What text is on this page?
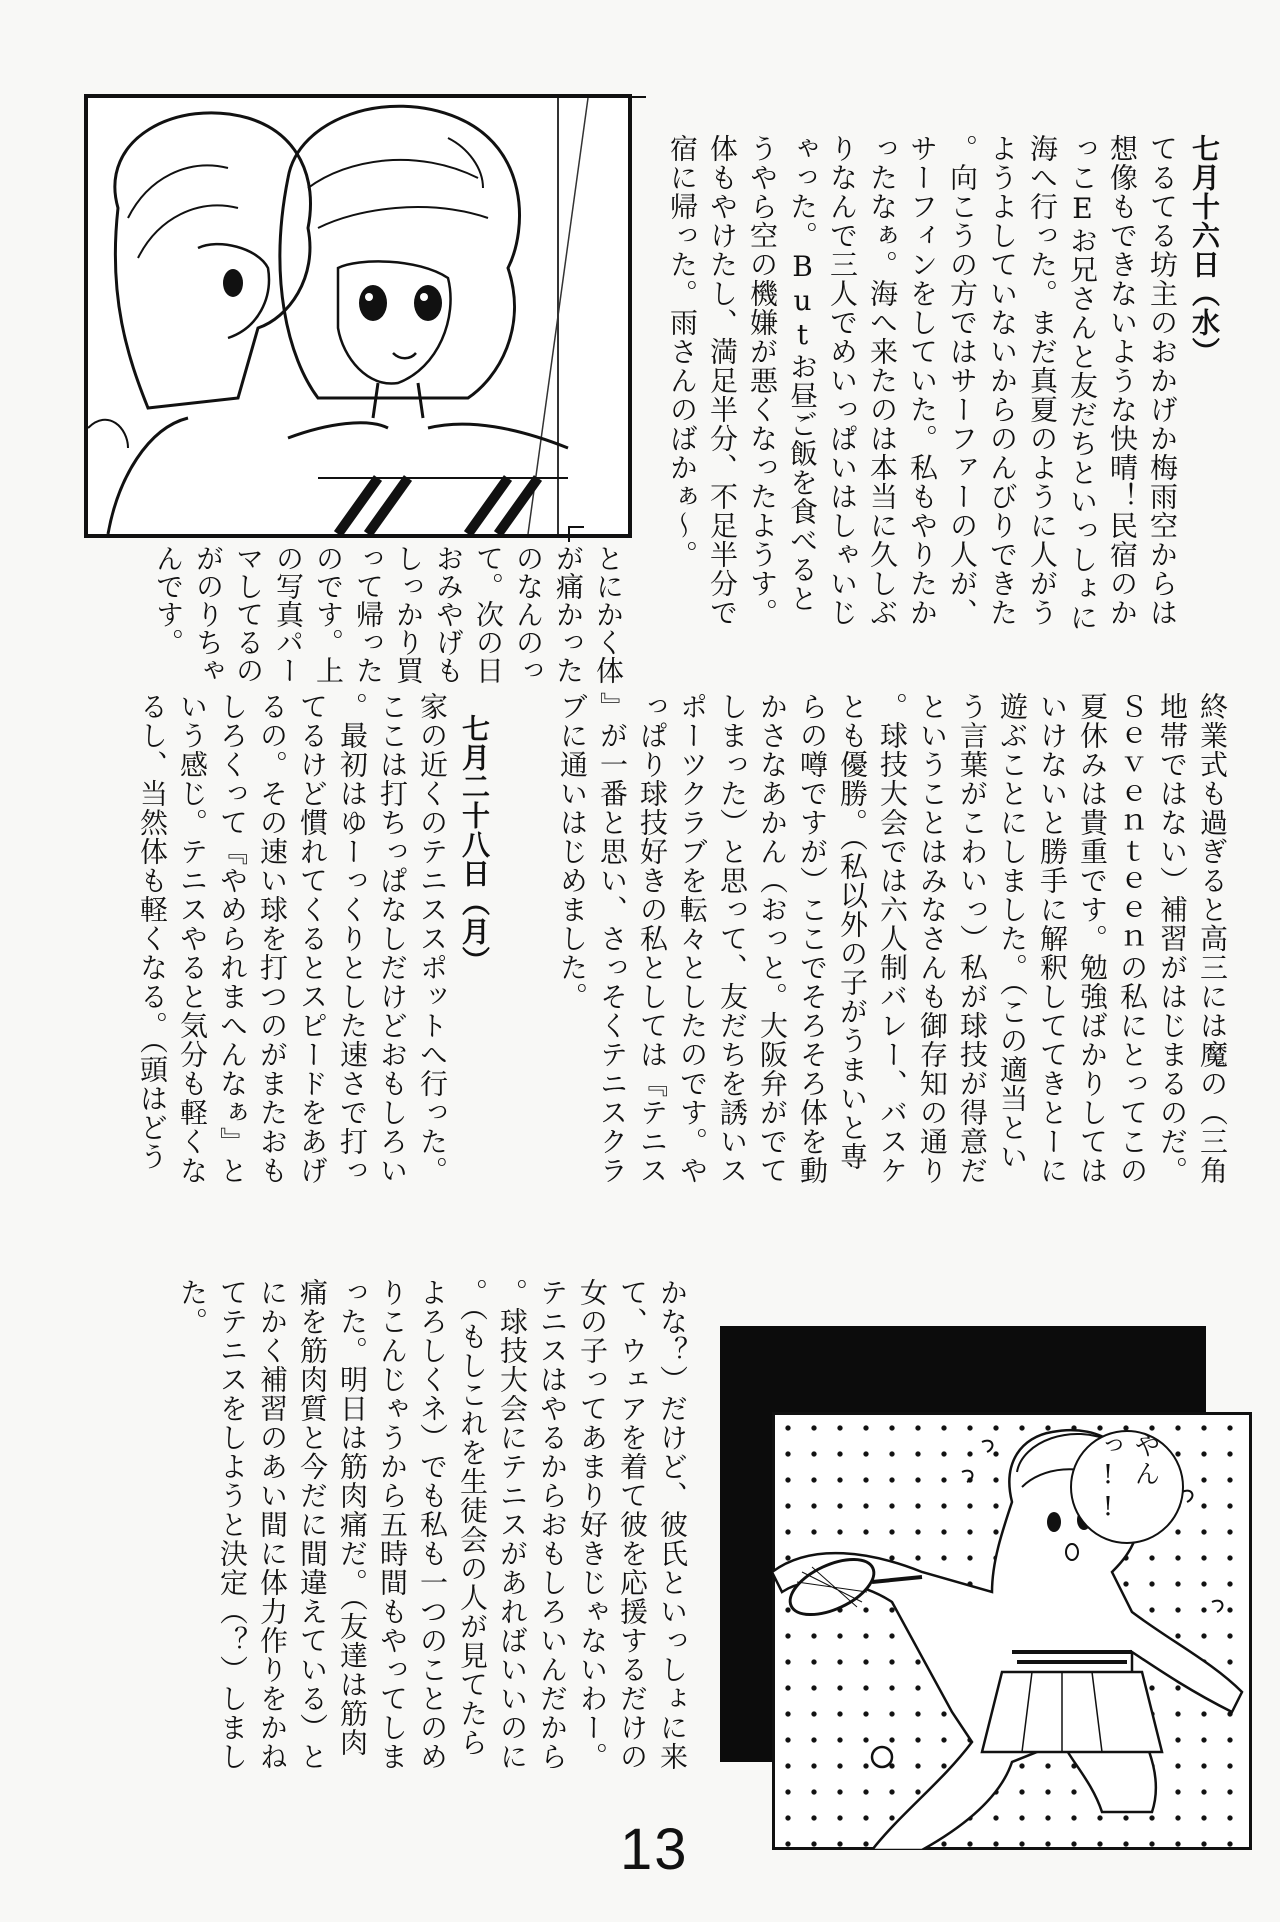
七月十六日（水）
てるてる坊主のおかげか梅雨空からは
想像もできないような快晴！民宿のか
っこEお兄さんと友だちといっしょに
海へ行った。まだ真夏のように人がう
ようよしていないからのんびりできた
。向こうの方ではサーファーの人が、
サーフィンをしていた。私もやりたか
ったなぁ。海へ来たのは本当に久しぶ
りなんで三人でめいっぱいはしゃいじ
ゃった。Butお昼ご飯を食べると
うやら空の機嫌が悪くなったようす。
体もやけたし、満足半分、不足半分で
宿に帰った。雨さんのばかぁ～。
とにかく体
が痛かった
のなんのっ
て。次の日
おみやげも
しっかり買
って帰った
のです。上
の写真パー
マしてるの
がのりちゃ
んです。
終業式も過ぎると高三には魔の（三角
地帯ではない）補習がはじまるのだ。
Ｓｅｖｅｎｔｅｅｎの私にとってこの
夏休みは貴重です。勉強ばかりしては
いけないと勝手に解釈しててきとーに
遊ぶことにしました。（この適当とい
う言葉がこわいっ）私が球技が得意だ
ということはみなさんも御存知の通り
。球技大会では六人制バレー、バスケ
とも優勝。（私以外の子がうまいと専
らの噂ですが）ここでそろそろ体を動
かさなあかん（おっと。大阪弁がでて
しまった）と思って、友だちを誘いス
ポーツクラブを転々としたのです。や
っぱり球技好きの私としては『テニス
』が一番と思い、さっそくテニスクラ
ブに通いはじめました。
七月二十八日（月）
家の近くのテニススポットへ行った。
ここは打ちっぱなしだけどおもしろい
。最初はゆーっくりとした速さで打っ
てるけど慣れてくるとスピードをあげ
るの。その速い球を打つのがまたおも
しろくって『やめられまへんなぁ』と
いう感じ。テニスやると気分も軽くな
るし、当然体も軽くなる。（頭はどう
かな？）だけど、彼氏といっしょに来
て、ウェアを着て彼を応援するだけの
女の子ってあまり好きじゃないわー。
テニスはやるからおもしろいんだから
。球技大会にテニスがあればいいのに
。（もしこれを生徒会の人が見てたら
よろしくネ）でも私も一つのことのめ
りこんじゃうから五時間もやってしま
った。明日は筋肉痛だ。（友達は筋肉
痛を筋肉質と今だに間違えている）と
にかく補習のあい間に体力作りをかね
てテニスをしようと決定（？）しまし
た。
やんっ!!
13
